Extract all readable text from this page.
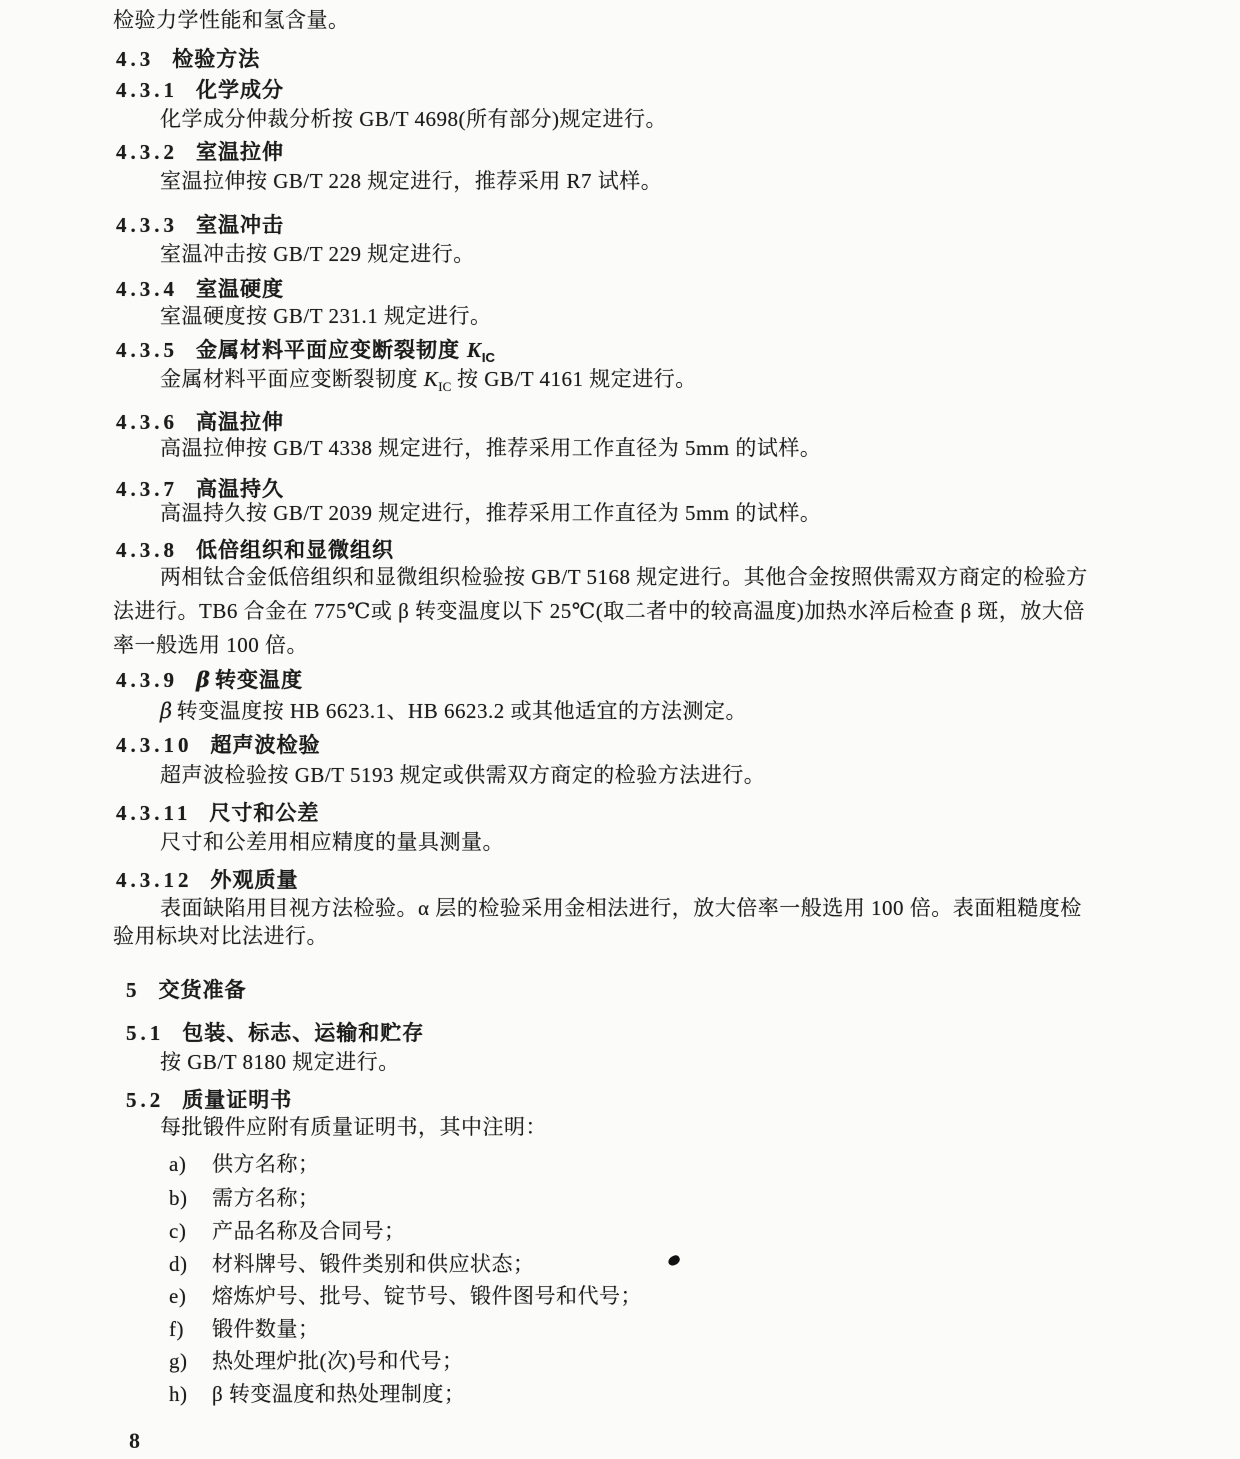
检验力学性能和氢含量。
4.3 检验方法
4.3.1 化学成分
化学成分仲裁分析按 GB/T 4698(所有部分)规定进行。
4.3.2 室温拉伸
室温拉伸按 GB/T 228 规定进行，推荐采用 R7 试样。
4.3.3 室温冲击
室温冲击按 GB/T 229 规定进行。
4.3.4 室温硬度
室温硬度按 GB/T 231.1 规定进行。
4.3.5 金属材料平面应变断裂韧度 $K_{IC}$
金属材料平面应变断裂韧度 $K_{IC}$ 按 GB/T 4161 规定进行。
4.3.6 高温拉伸
高温拉伸按 GB/T 4338 规定进行，推荐采用工作直径为 5mm 的试样。
4.3.7 高温持久
高温持久按 GB/T 2039 规定进行，推荐采用工作直径为 5mm 的试样。
4.3.8 低倍组织和显微组织
两相钛合金低倍组织和显微组织检验按 GB/T 5168 规定进行。其他合金按照供需双方商定的检验方
法进行。TB6 合金在 775℃或 β 转变温度以下 25℃(取二者中的较高温度)加热水淬后检查 β 斑，放大倍
率一般选用 100 倍。
4.3.9 β 转变温度
β 转变温度按 HB 6623.1、HB 6623.2 或其他适宜的方法测定。
4.3.10 超声波检验
超声波检验按 GB/T 5193 规定或供需双方商定的检验方法进行。
4.3.11 尺寸和公差
尺寸和公差用相应精度的量具测量。
4.3.12 外观质量
表面缺陷用目视方法检验。α 层的检验采用金相法进行，放大倍率一般选用 100 倍。表面粗糙度检
验用标块对比法进行。
5 交货准备
5.1 包装、标志、运输和贮存
按 GB/T 8180 规定进行。
5.2 质量证明书
每批锻件应附有质量证明书，其中注明：
a) 供方名称；
b) 需方名称；
c) 产品名称及合同号；
d) 材料牌号、锻件类别和供应状态；
e) 熔炼炉号、批号、锭节号、锻件图号和代号；
f) 锻件数量；
g) 热处理炉批(次)号和代号；
h) β 转变温度和热处理制度；
8
